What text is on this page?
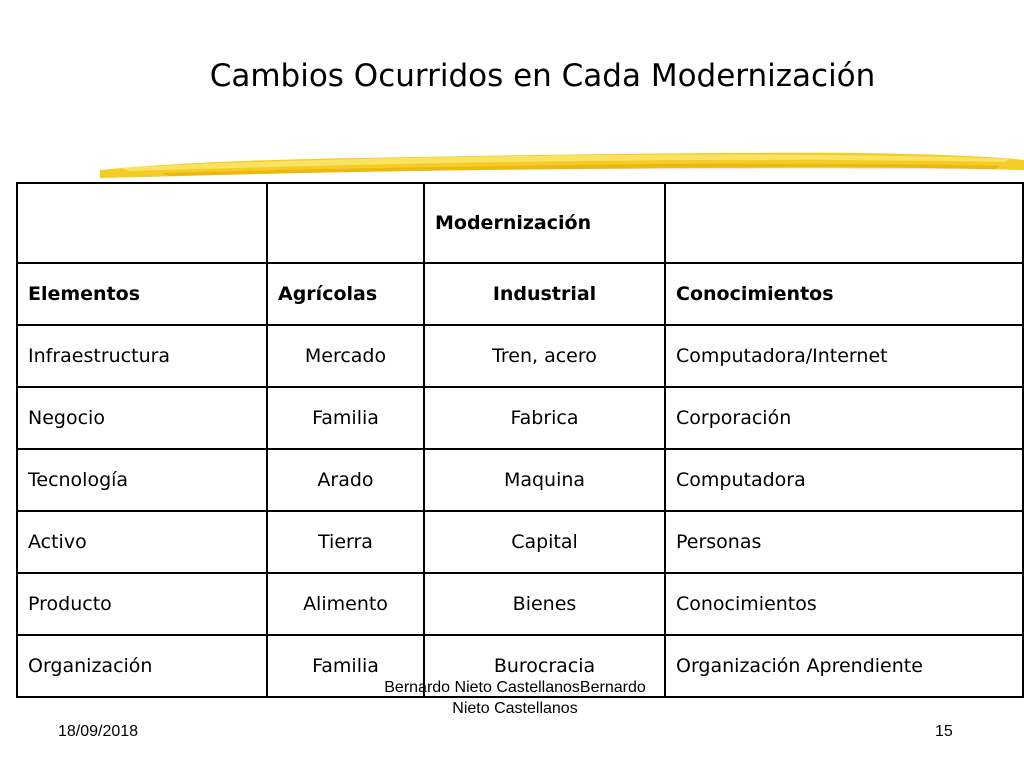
Cambios Ocurridos en Cada Modernización
		Modernización	
Elementos	Agrícolas	Industrial	Conocimientos
Infraestructura	Mercado	Tren, acero	Computadora/Internet
Negocio	Familia	Fabrica	Corporación
Tecnología	Arado	Maquina	Computadora
Activo	Tierra	Capital	Personas
Producto	Alimento	Bienes	Conocimientos
Organización	Familia	Burocracia	Organización Aprendiente
18/09/2018
Bernardo Nieto CastellanosBernardo Nieto Castellanos
15
